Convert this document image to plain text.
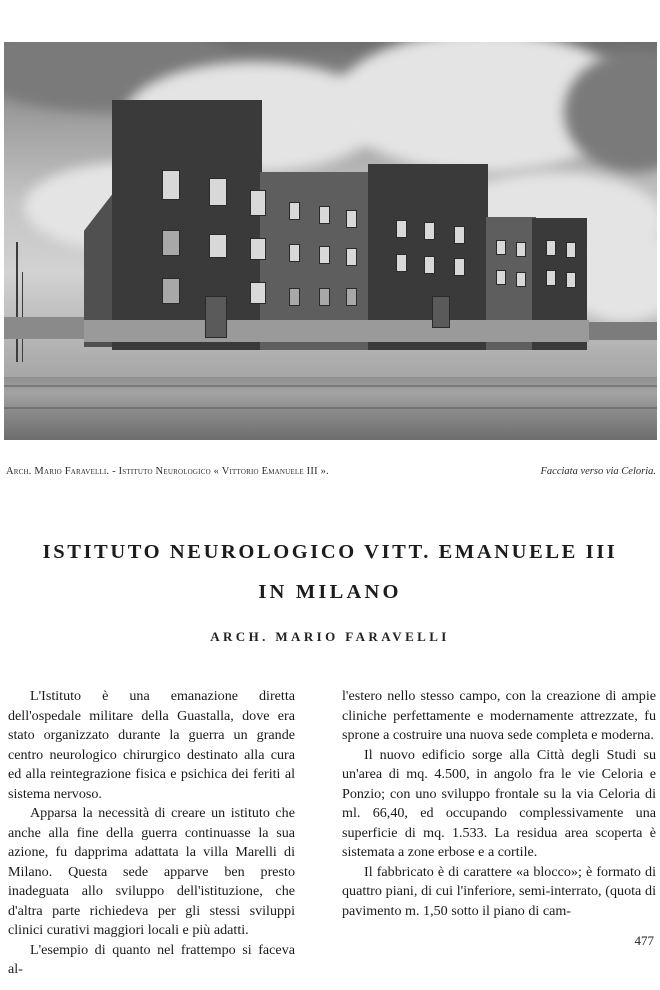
Arch. Mario Faravelli. - Istituto Neurologico « Vittorio Emanuele III ».	Facciata verso via Celoria.
ISTITUTO NEUROLOGICO VITT. EMANUELE III
IN MILANO
ARCH. MARIO FARAVELLI

L'Istituto è una emanazione diretta dell'ospedale militare della Guastalla, dove era stato organizzato durante la guerra un grande centro neurologico chirurgico destinato alla cura ed alla reintegrazione fisica e psichica dei feriti al sistema nervoso.

Apparsa la necessità di creare un istituto che anche alla fine della guerra continuasse la sua azione, fu dapprima adattata la villa Marelli di Milano. Questa sede apparve ben presto inadeguata allo sviluppo dell'istituzione, che d'altra parte richiedeva per gli stessi sviluppi clinici curativi maggiori locali e più adatti.

L'esempio di quanto nel frattempo si faceva al-

l'estero nello stesso campo, con la creazione di ampie cliniche perfettamente e modernamente attrezzate, fu sprone a costruire una nuova sede completa e moderna.

Il nuovo edificio sorge alla Città degli Studi su un'area di mq. 4.500, in angolo fra le vie Celoria e Ponzio; con uno sviluppo frontale su la via Celoria di ml. 66,40, ed occupando complessivamente una superficie di mq. 1.533. La residua area scoperta è sistemata a zone erbose e a cortile.

Il fabbricato è di carattere «a blocco»; è formato di quattro piani, di cui l'inferiore, semi-interrato, (quota di pavimento m. 1,50 sotto il piano di cam-

477
